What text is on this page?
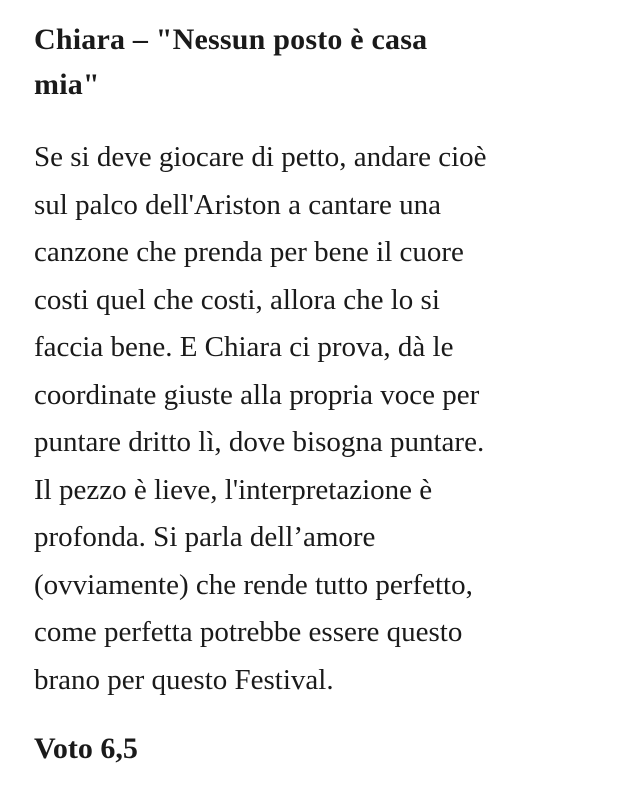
Chiara – "Nessun posto è casa
mia"

Se si deve giocare di petto, andare cioè
sul palco dell'Ariston a cantare una
canzone che prenda per bene il cuore
costi quel che costi, allora che lo si
faccia bene. E Chiara ci prova, dà le
coordinate giuste alla propria voce per
puntare dritto lì, dove bisogna puntare.
Il pezzo è lieve, l'interpretazione è
profonda. Si parla dell’amore
(ovviamente) che rende tutto perfetto,
come perfetta potrebbe essere questo
brano per questo Festival.

Voto 6,5
